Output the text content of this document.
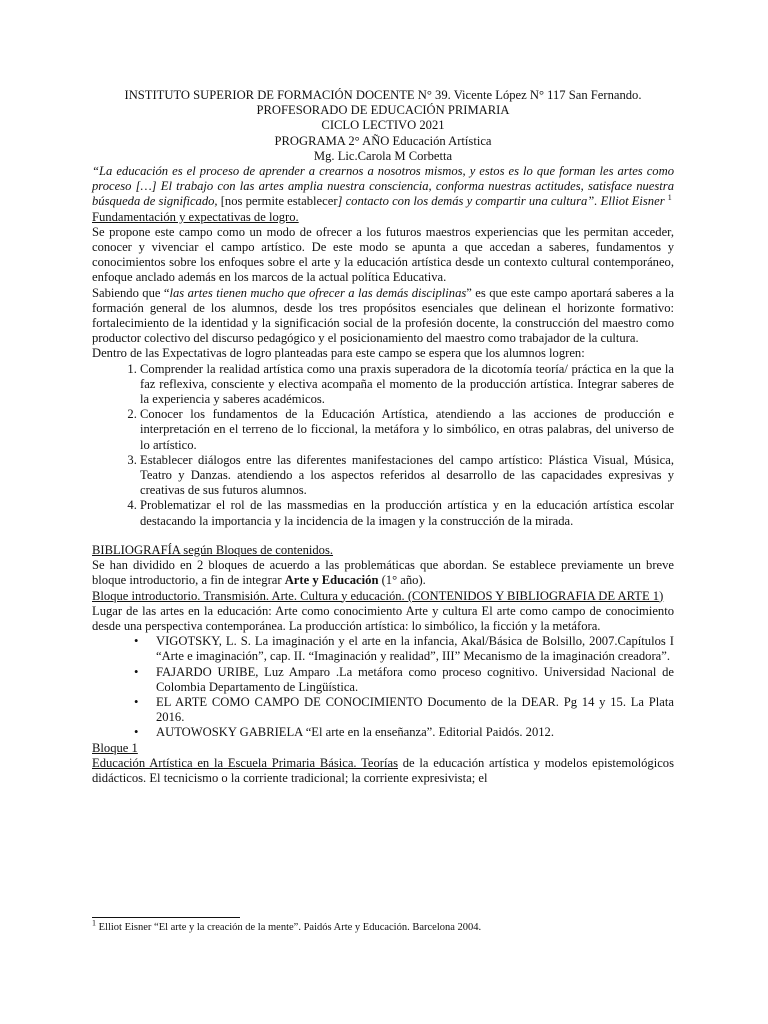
INSTITUTO SUPERIOR DE FORMACIÓN DOCENTE N° 39. Vicente López N° 117 San Fernando.

PROFESORADO DE EDUCACIÓN PRIMARIA

CICLO LECTIVO 2021

PROGRAMA 2° AÑO Educación Artística

Mg. Lic.Carola M Corbetta

“La educación es el proceso de aprender a crearnos a nosotros mismos, y estos es lo que forman les artes como proceso […] El trabajo con las artes amplia nuestra consciencia, conforma nuestras actitudes, satisface nuestra búsqueda de significado, [nos permite establecer] contacto con los demás y compartir una cultura”. Elliot Eisner $^1$

Fundamentación y expectativas de logro.

Se propone este campo como un modo de ofrecer a los futuros maestros experiencias que les permitan acceder, conocer y vivenciar el campo artístico. De este modo se apunta a que accedan a saberes, fundamentos y conocimientos sobre los enfoques sobre el arte y la educación artística desde un contexto cultural contemporáneo, enfoque anclado además en los marcos de la actual política Educativa.

Sabiendo que “las artes tienen mucho que ofrecer a las demás disciplinas” es que este campo aportará saberes a la formación general de los alumnos, desde los tres propósitos esenciales que delinean el horizonte formativo: fortalecimiento de la identidad y la significación social de la profesión docente, la construcción del maestro como productor colectivo del discurso pedagógico y el posicionamiento del maestro como trabajador de la cultura.

Dentro de las Expectativas de logro planteadas para este campo se espera que los alumnos logren:

1. Comprender la realidad artística como una praxis superadora de la dicotomía teoría/ práctica en la que la faz reflexiva, consciente y electiva acompaña el momento de la producción artística. Integrar saberes de la experiencia y saberes académicos.
2. Conocer los fundamentos de la Educación Artística, atendiendo a las acciones de producción e interpretación en el terreno de lo ficcional, la metáfora y lo simbólico, en otras palabras, del universo de lo artístico.
3. Establecer diálogos entre las diferentes manifestaciones del campo artístico: Plástica Visual, Música, Teatro y Danzas. atendiendo a los aspectos referidos al desarrollo de las capacidades expresivas y creativas de sus futuros alumnos.
4. Problematizar el rol de las massmedias en la producción artística y en la educación artística escolar destacando la importancia y la incidencia de la imagen y la construcción de la mirada.

BIBLIOGRAFÍA según Bloques de contenidos.

Se han dividido en 2 bloques de acuerdo a las problemáticas que abordan. Se establece previamente un breve bloque introductorio, a fin de integrar Arte y Educación (1° año).

Bloque introductorio. Transmisión. Arte. Cultura y educación. (CONTENIDOS Y BIBLIOGRAFIA DE ARTE 1)

Lugar de las artes en la educación: Arte como conocimiento Arte y cultura El arte como campo de conocimiento desde una perspectiva contemporánea. La producción artística: lo simbólico, la ficción y la metáfora.

• VIGOTSKY, L. S. La imaginación y el arte en la infancia, Akal/Básica de Bolsillo, 2007.Capítulos I “Arte e imaginación”, cap. II. “Imaginación y realidad”, III” Mecanismo de la imaginación creadora”.
• FAJARDO URIBE, Luz Amparo .La metáfora como proceso cognitivo. Universidad Nacional de Colombia Departamento de Lingüística.
• EL ARTE COMO CAMPO DE CONOCIMIENTO Documento de la DEAR. Pg 14 y 15. La Plata 2016.
• AUTOWOSKY GABRIELA “El arte en la enseñanza”. Editorial Paidós. 2012.

Bloque 1

Educación Artística en la Escuela Primaria Básica. Teorías de la educación artística y modelos epistemológicos didácticos. El tecnicismo o la corriente tradicional; la corriente expresivista; el

$^1$ Elliot Eisner “El arte y la creación de la mente”. Paidós Arte y Educación. Barcelona 2004.
